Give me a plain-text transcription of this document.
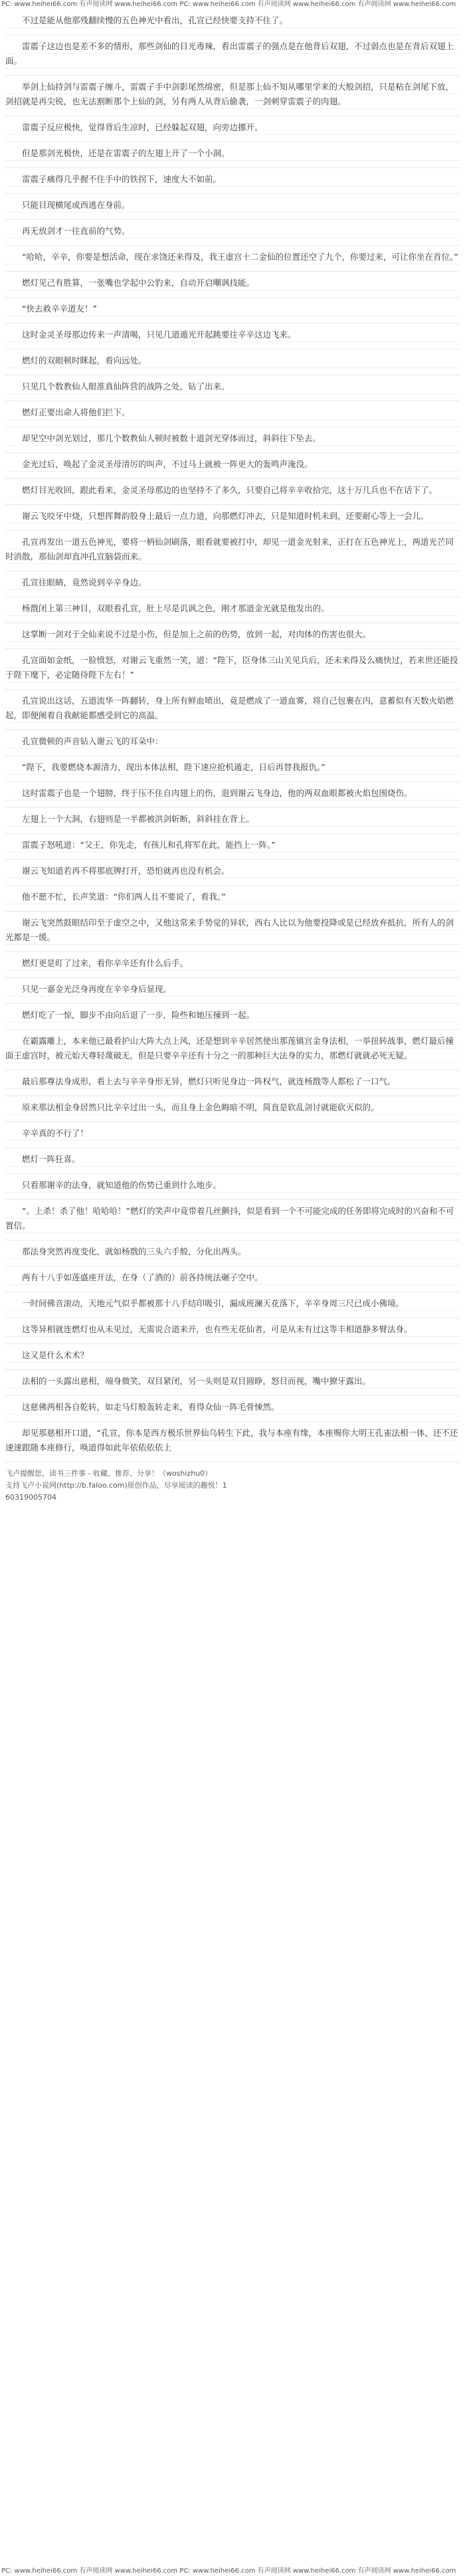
PC: www.heihei66.com 有声阅读网 www.heihei66.com PC: www.heihei66.com 有声阅读网 www.heihei66.com 有声阅读网 www.heihei66.com

不过是能从他那残翻续慢的五色神光中看出，孔宣已经快要支持不住了。

雷震子这边也是差不多的情形，那些剑仙的目光毒辣，看出雷震子的强点是在他背后双翅，不过弱点也是在背后双翅上面。

举剑上仙持剑与雷震子缠斗，雷震子手中剑影尾然绵密，但是那上仙不知从哪里学来的大般剑招，只是粘在剑尾下放，剑招就是再尖锐，也无法割断那个上仙的剑，另有两人从背后偷袭，一剑刺穿雷震子的肉翅。

雷震子反应极快，觉得背后生凉时，已经躲起双翅，向旁边挪开。

但是那剑光极快，还是在雷震子的左翅上开了一个小洞。

雷震子痛得几乎握不住手中的铁拐下，速度大不如前。

只能目现横尾或西逃在身前。

再无放剑才一往直前的气势。

“哈哈，辛辛，你要是想活命，现在求饶还来得及，我王虚宫十二金仙的位置还空了九个，你要过来，可让你坐在首位。”

燃灯见己有胜算，一张嘴也学起中公豹来，自动开启嘲讽技能。

“快去救辛辛道友！”

这时金灵圣母那边传来一声清喝，只见几道遁光开起跳要往辛辛这边飞来。

燃灯的双眼顿时眯起，看向远处。

只见几个数教仙人眼准真仙阵营的战阵之处，钻了出来。

燃灯正要出命人将他们拦下。

却见空中剑光划过，那几个数教仙人顿时被数十道剑光穿体而过，斜斜往下坠去。

金光过后，唤起了金灵圣母清厉的叫声，不过马上就被一阵更大的轰鸣声淹没。

燃灯目光收回，跟此看来，金灵圣母那边的也坚持不了多久，只要自己将辛辛收拾完，这十万几兵也不在话下了。

谢云飞咬牙中烧，只想挥舞韵股身上最后一点力道，向那燃灯冲去，只是知道时机未到，还要耐心等上一会儿。

孔宣再发出一道五色神光，要将一柄仙剑刷落，眼看就要被打中，却见一道金光射来，正打在五色神光上，两道光芒同时消散，那仙剑却直冲孔宣脑袋而来。

孔宣往眼睛，竟然说到辛辛身边。

杨戬闭上第三神目，双眼看孔宣，肚上尽是讥讽之色，刚才那道金光就是他发出的。

这掌断一剑对于全仙来说不过是小伤，但是加上之前的伤势，放到一起，对肉体的伤害也很大。

孔宣面如金纸，一脸愤怒，对谢云飞重然一笑，道：“陛下，臣身体三山关见兵后，还未来得及么痛快过，若来世还能投于陛下麾下，必定随待陛下左右！”

孔宣说出这话，五道流华一阵翻转，身上所有鲜血喷出，竟是燃成了一道血雾，将自己包裹在内，意蓄似有天数火焰燃起，即便阐着自我献能都感受到它的高温。

孔宣微顿的声音钻入谢云飞的耳朵中：

“陛下，我要燃烧本源清力，现出本体法相，陛下速应抢机遁走，日后再替我报仇。”

这时雷震子也是一个翅膀，终于压不住自肉翅上的伤，退到谢云飞身边，他的两双血眼都被火焰包围烧伤。

左翅上一个大洞，右翅则是一半都被洪剑斩断，斜斜挂在背上。

雷震子怒吼道：“父王，你先走，有孩儿和孔将军在此，能挡上一阵。”

谢云飞知道若再不将那底牌打开，恐怕就再也没有机会。

他不愿不忙，长声笑道：“你们两人且不要说了，看我。”

谢云飞突然鼓眼结印至于虚空之中，又他这常来手势觉的异状，西右人比以为他要投降或是已经放弃抵抗，所有人的剑光都是一缓。

燃灯更是盯了过来，看你辛辛还有什么后手。

只见一嘉金光泛身再度在辛辛身后显现。

燃灯吃了一惊，脚步不由向后退了一步，险些和她压撞到一起。

在霸露雕上，本来他已最看护山大阵大点上风，还是想到辛辛居然使出那莲镇宫金身法相，一举扭转战事，燃灯最后撞面王虚宫时，被元始天尊轻蔑破无，但是只要辛辛还有十分之一的那种巨大法身的实力，那燃灯就就必死无疑。

最后那尊法身成形，看上去与辛辛身形无异，燃灯只听见身边一阵权气，就连杨戬等人都松了一口气。

原来那法相金身居然只比辛辛过出一头，而且身上金色晦暗不明，简直是软乱剑讨就能砍灭似的。

辛辛真的不行了！

燃灯一阵狂喜。

只看那谢辛的法身，就知道他的伤势已重到什么地步。

“。上杀！杀了他！哈哈哈！”燃灯的笑声中竟带着几丝颤抖，似是看到一个不可能完成的任务即将完成时的兴奋和不可置信。

那法身突然再度变化，就如杨戬的三头六手般，分化出两头。

两有十八手如莲盛座开法，在身（了酒的）前各持统法碾子空中。

一时间佛音滚动，天地元气似乎都被那十八手结印吸引，漏成班澜天花落下，辛辛身周三尺已成小佛境。

这等异相就连燃灯也从未见过，无需说合道来开，也有些无花仙者，可是从未有过这等丰相道静多臂法身。

这又是什么术术？

法相的一头露出慈相，端身微笑，双目紧闭，另一头则是双目圆睁，怒目而视，嘴中獠牙露出。

这慈佛两相各自乾转，如走马灯般轰转走来，看得众仙一阵毛骨悚然。

却见那慈相开口道，“孔宣，你本是西方极乐世界仙乌转生下此，我与本座有缘，本座赐你大明王孔雀法相一体，还不还速速跟随本座修行，唤道得如此年依依依依上

飞卢提醒您，读书三件事 - 收藏、推荐、分享！（woshizhu0）
支持飞卢小说网(http://b.faloo.com)原创作品，尽享阅读的趣悦！1
60319005704
PC: www.heihei66.com 有声阅读网 www.heihei66.com PC: www.heihei66.com 有声阅读网 www.heihei66.com 有声阅读网 www.heihei66.com
